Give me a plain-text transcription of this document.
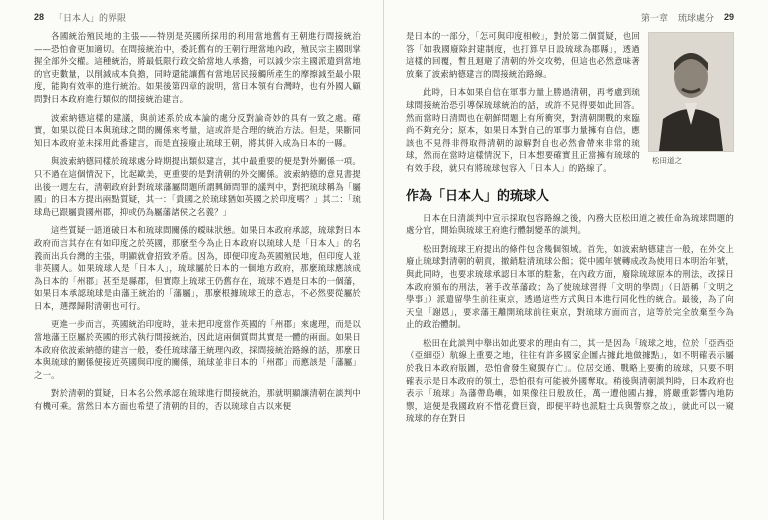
28 「日本人」的界限

各國統治殖民地的主張——特別是英國所採用的利用當地舊有王朝進行間接統治——恐怕會更加適切。在間接統治中，委託舊有的王朝行理當地內政，殖民宗主國則掌握全部外交權。這種統治，將最低限行政交給當地人承擔，可以減少宗主國派遣到當地的官吏數量，以削減成本負擔，同時還能讓舊有當地居民接觸所產生的摩擦減至最小限度，能夠有效率的進行統治。如果後第四章的說明，當日本領有台灣時，也有外國人顧問對日本政府進行類似的間接統治建言。

波索納德這樣的建議，與前述系於成本論的處分反對論奇妙的具有一致之處。確實，如果以從日本與琉球之間的關係來考量，這或許是合理的統治方法。但是，果斷同知日本政府並未採用此番建言，而是直接廢止琉球王朝，將其併入成為日本的一縣。

與波索納德同樣於琉球處分時期提出類似建言，其中最重要的便是對外關係一項。只不過在這個情況下，比起歐美，更重要的是對清朝的外交關係。波索納德的意見書提出後一週左右，清朝政府針對琉球藩屬問題所謂興師問罪的議判中，對把琉球稱為「屬國」的日本方提出兩點質疑，其一：「貴國之於琉球猶如英國之於印度嗎？」其二：「琉球島已跟屬貴國州郡，抑或仍為屬藩諸侯之名義？」

這些質疑一語道破日本和琉球間關係的曖昧狀態。如果日本政府承認，琉球對日本政府而言其存在有如印度之於英國，那麼至今為止日本政府以琉球人是「日本人」的名義而出兵台灣的主張，明顯就會招致矛盾。因為，即便印度為英國殖民地，但印度人並非英國人。如果琉球人是「日本人」，琉球屬於日本的一個地方政府，那麼琉球應該成為日本的「州郡」甚至是縣郡，但實際上琉球王仍舊存在，琉球不過是日本的一個藩，如果日本承認琉球是由藩王統治的「藩屬」，那麼根據琉球王的意志，不必然要從屬於日本，選擇歸附清朝也可行。

更進一步而言，英國統治印度時，並未把印度當作英國的「州郡」來處理，而是以當地藩王臣屬於英國的形式執行間接統治，因此這兩個質問其實是一體的兩面。如果日本政府依波索納德的建言一般，委任琉球藩王統理內政，採間接統治路線的話，那麼日本與琉球的關係便接近英國與印度的關係，琉球並非日本的「州郡」而應該是「藩屬」之一。

對於清朝的質疑，日本名公然承認在琉球進行間接統治，那就明顯讓清朝在談判中有機可乘。當然日本方面也希望了清朝的目的，否以琉球自古以來便

第一章 琉球處分 29
松田道之

是日本的一部分，「怎可與印度相較」，對於第二個質疑，也回答「如我國廢除封建制度，也打算早日設琉球為郡縣」，透過這樣的回覆，暫且迴避了清朝的外交攻勢，但這也必然意味著放棄了波索納德建言的間接統治路線。

此時，日本如果自信在軍事力量上勝過清朝，再考慮到琉球間接統治恐引導保琉球統治的話，或許不見得要如此回答。然而當時日清間也在朝鮮問題上有所衝突，對清朝開戰的來臨尚不夠充分；原本，如果日本對自己的軍事力量擁有自信，應該也不見得非得取得清朝的諒解對自也必然會帶來非常的琉球，然而在當時這樣情況下，日本想要確實且正當擁有琉球的有效手段，就只有將琉球包容入「日本人」的路線了。

作為「日本人」的琉球人

日本在日清談判中宣示採取包容路線之後，內務大臣松田道之被任命為琉球問題的處分官，開始與琉球王府進行體制變革的談判。

松田對琉球王府提出的條件包含幾個領域。首先，如波索納德建言一般，在外交上廢止琉球對清朝的朝貢，撤銷駐清琉球公館；從中國年號轉成改為使用日本明治年號，與此同時，也要求琉球承認日本軍的駐紮，在內政方面，廢除琉球原本的刑法，改採日本政府頒布的刑法，著手改革藩政；為了使琉球習得「文明的學問」（日語稱「文明之學事」）派遣留學生前往東京，透過這些方式與日本進行同化性的統合。最後，為了向天皇「謝恩」，要求藩王離開琉球前往東京，對琉球方面而言，這等於完全放棄至今為止的政治體制。

松田在此談判中舉出如此要求的理由有二，其一是因為「琉球之地，位於「亞西亞（亞細亞）航線上重要之地，往往有許多國家企圖占據此地做據點」，如不明確表示屬於我日本政府版圖，恐怕會發生窺覬存亡」。位居交通、戰略上要衝的琉球，只要不明確表示是日本政府的領土，恐怕很有可能被外國奪取。稍後與清朝談判時，日本政府也表示「琉球」為藩帶島嶼，如果像往日般放任，萬一遭他國占據，將嚴重影響內地防禦，這便是我國政府不惜花費巨資，即便平時也派駐士兵與警察之故」，就此可以一窺琉球的存在對日
